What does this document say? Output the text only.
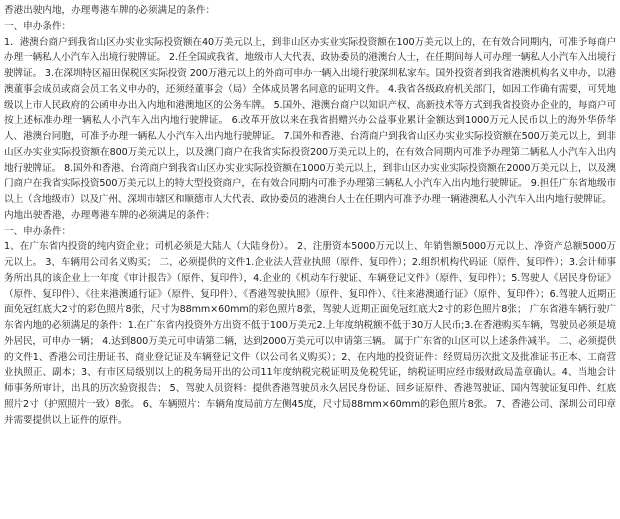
香港出驶内地，办理粤港车牌的必须满足的条件：

一、申办条件：

1．港澳台商户到我省山区办实业实际投资额在40万美元以上，到非山区办实业实际投资额在100万美元以上的，在有效合同期内，可准予每商户办理一辆私人小汽车入出境行驶牌证。 2.任全国或我省、地级市人大代表、政协委员的港澳台人士，在任期间每人可办理一辆私人小汽车入出境行驶牌证。 3.在深圳特区福田保税区实际投资 200万港元以上的外商可申办一辆入出境行驶深圳私家车。国外投资者到我省港澳机构名义申办，以港澳董事会成员或商会员工名义申办的，还须经董事会（局）全体成员署名同意的证明文件。 4.我省各级政府机关部门，如因工作确有需要，可凭地级以上市人民政府的公函申办出入内地和港澳地区的公务车牌。 5.国外、港澳台商户以知识产权、高新技术等方式到我省投资办企业的，每商户可按上述标准办理一辆私人小汽车入出内地行驶牌证。 6.改革开放以来在我省捐赠兴办公益事业累计金额达到1000万元人民币以上的海外华侨华人、港澳台同胞，可准予办理一辆私人小汽车入出内地行驶牌证。 7.国外和香港、台湾商户到我省山区办实业实际投资额在500万美元以上，到非山区办实业实际投资额在800万美元以上，以及澳门商户在我省实际投资200万美元以上的，在有效合同期内可准予办理第二辆私人小汽车入出内地行驶牌证。 8.国外和香港、台湾商户到我省山区办实业实际投资额在1000万美元以上，到非山区办实业实际投资额在2000万美元以上，以及澳门商户在我省实际投资500万美元以上的特大型投资商户，在有效合同期内可准予办理第三辆私人小汽车入出内地行驶牌证。 9.担任广东省地级市以上（含地级市）以及广州、深圳市辖区和顺德市人大代表、政协委员的港澳台人士在任期内可准予办理一辆港澳私人小汽车入出内地行驶牌证。

内地出驶香港，办理粤港车牌的必须满足的条件：

一、申办条件：

1、在广东省内投资的纯内资企业；司机必须是大陆人（大陆身份）。 2、注册资本5000万元以上、年销售额5000万元以上、净资产总额5000万元以上。 3、车辆用公司名义购买； 二、必须提供的文件1.企业法人营业执照（原件、复印件）；2.组织机构代码证（原件、复印件）；3.会计师事务所出具的该企业上一年度《审计报告》（原件、复印件），4.企业的《机动车行驶证、车辆登记文件》（原件、复印件）；5.驾驶人《居民身份证》（原件、复印件）、《往来港澳通行证》（原件、复印件）、《香港驾驶执照》（原件、复印件）、《往来港澳通行证》（原件、复印件）；6.驾驶人近期正面免冠红底大2寸的彩色照片8张，尺寸为88mm×60mm的彩色照片8张，驾驶人近期正面免冠红底大2寸的彩色照片8张； 广东省港车辆行驶广东省内地的必须满足的条件：1.在广东省内投资外方出资不低于100万美元2.上年度纳税额不低于30万人民币;3.在香港购买车辆，驾驶员必须是境外居民，可申办一辆； 4.达到800万美元可申请第二辆，达到2000万美元可以申请第三辆。 属于广东省的山区可以上述条件减半。 二、必须提供的文件1、香港公司注册证书、商业登记证及车辆登记文件（以公司名义购买）；2、在内地的投资证件：经贸局历次批文及批准证书正本、工商营业执照正、副本；3、有市区局级别以上的税务局开出的公司11年度纳税完税证明及免税凭证，纳税证明应经市级财政局盖章确认。4、当地会计师事务所审计，出具的历次验资报告； 5、驾驶人员资料：提供香港驾驶员永久居民身份证、回乡证原件、香港驾驶证、国内驾驶证复印件、红底照片2寸（护照照片一致）8张。 6、车辆照片：车辆角度局前方左侧45度，尺寸局88mm×60mm的彩色照片8张。 7、香港公司、深圳公司印章并需要提供以上证件的原件。
